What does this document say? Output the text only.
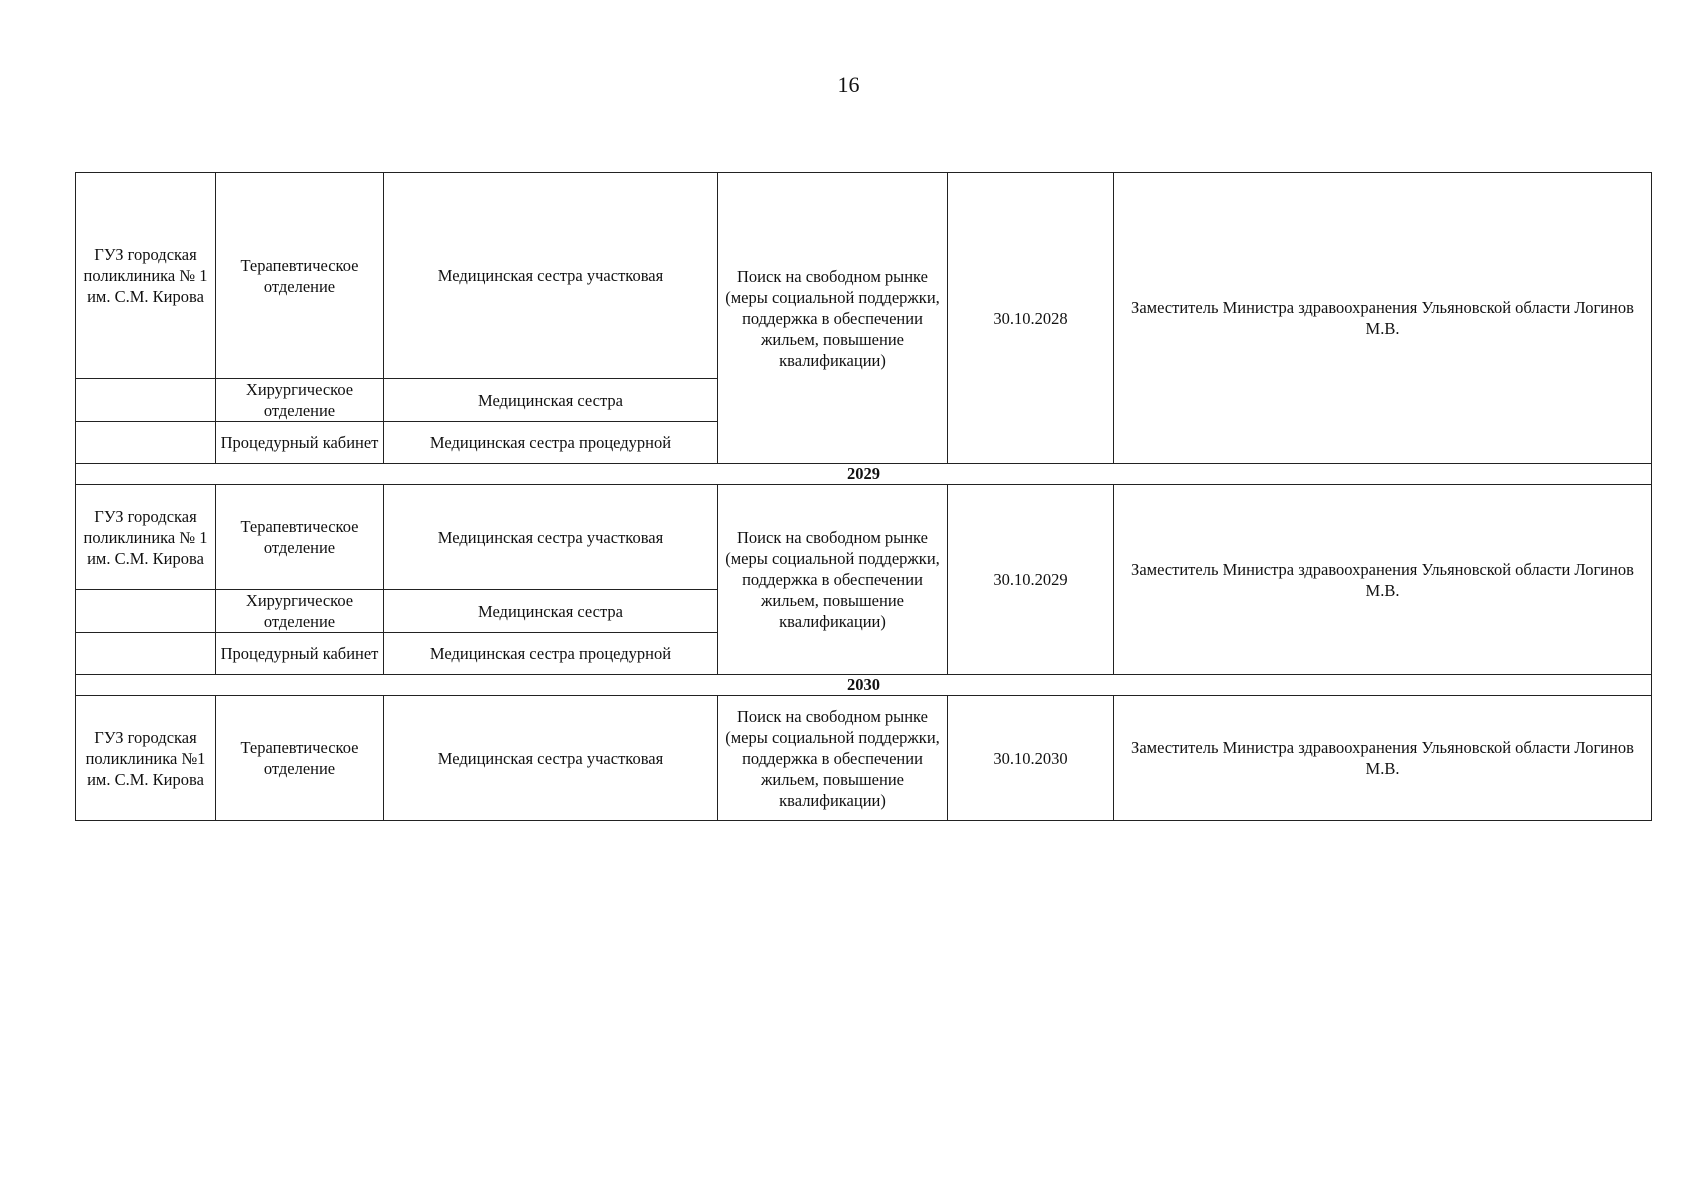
16
ГУЗ городская поликлиника № 1 им. С.М. Кирова	Терапевтическое отделение	Медицинская сестра участковая	Поиск на свободном рынке (меры социальной поддержки, поддержка в обеспечении жильем, повышение квалификации)	30.10.2028	Заместитель Министра здравоохранения Ульяновской области Логинов М.В.
	Хирургическое отделение	Медицинская сестра			
	Процедурный кабинет	Медицинская сестра процедурной			
2029					
ГУЗ городская поликлиника № 1 им. С.М. Кирова	Терапевтическое отделение	Медицинская сестра участковая	Поиск на свободном рынке (меры социальной поддержки, поддержка в обеспечении жильем, повышение квалификации)	30.10.2029	Заместитель Министра здравоохранения Ульяновской области Логинов М.В.
	Хирургическое отделение	Медицинская сестра			
	Процедурный кабинет	Медицинская сестра процедурной			
2030					
ГУЗ городская поликлиника №1 им. С.М. Кирова	Терапевтическое отделение	Медицинская сестра участковая	Поиск на свободном рынке (меры социальной поддержки, поддержка в обеспечении жильем, повышение квалификации)	30.10.2030	Заместитель Министра здравоохранения Ульяновской области Логинов М.В.
